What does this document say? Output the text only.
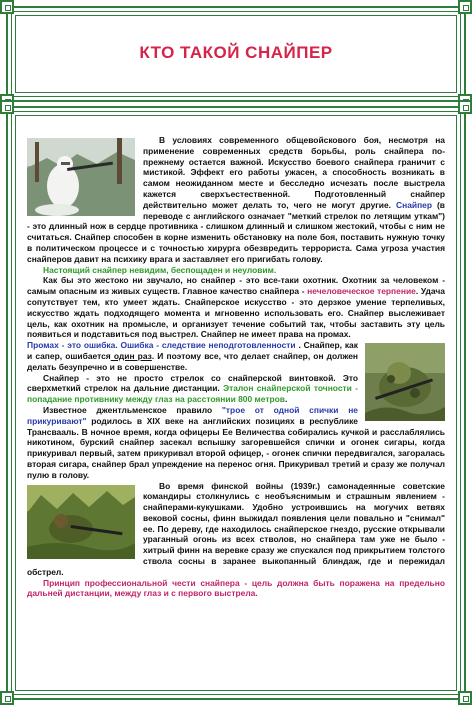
КТО ТАКОЙ СНАЙПЕР

В условиях современного общевойскового боя, несмотря на применение современных средств борьбы, роль снайпера по-прежнему остается важной. Искусство боевого снайпера граничит с мистикой. Эффект его работы ужасен, а способность возникать в самом неожиданном месте и бесследно исчезать после выстрела кажется сверхъестественной. Подготовленный снайпер действительно может делать то, чего не могут другие. Снайпер (в переводе с английского означает "меткий стрелок по летящим уткам") - это длинный нож в сердце противника - слишком длинный и слишком жестокий, чтобы с ним не считаться. Снайпер способен в корне изменить обстановку на поле боя, поставить нужную точку в политическом процессе и с точностью хирурга обезвредить террориста. Сама угроза участия снайперов давит на психику врага и заставляет его пригибать голову.

Настоящий снайпер невидим, беспощаден и неуловим.

Как бы это жестоко ни звучало, но снайпер - это все-таки охотник. Охотник за человеком - самым опасным из живых существ. Главное качество снайпера - нечеловеческое терпение. Удача сопутствует тем, кто умеет ждать. Снайперское искусство - это дерзкое умение терпеливых, искусство ждать подходящего момента и мгновенно использовать его. Снайпер выслеживает цель, как охотник на промысле, и организует течение событий так, чтобы заставить эту цель появиться и подставиться под выстрел. Снайпер не имеет права на промах.

Промах - это ошибка. Ошибка - следствие неподготовленности . Снайпер, как и сапер, ошибается один раз. И поэтому все, что делает снайпер, он должен делать безупречно и в совершенстве.

Снайпер - это не просто стрелок со снайперской винтовкой. Это сверхметкий стрелок на дальние дистанции. Эталон снайперской точности - попадание противнику между глаз на расстоянии 800 метров.

Известное джентльменское правило "трое от одной спички не прикуривают" родилось в XIX веке на английских позициях в республике Трансвааль. В ночное время, когда офицеры Ее Величества собирались кучкой и расслаблялись никотином, бурский снайпер засекал вспышку загоревшейся спички и огонек сигары, когда прикуривал первый, затем прикуривал второй офицер, - огонек спички передвигался, загоралась вторая сигара, снайпер брал упреждение на перенос огня. Прикуривал третий и сразу же получал пулю в голову.

Во время финской войны (1939г.) самонадеянные советские командиры столкнулись с необъяснимым и страшным явлением - снайперами-кукушками. Удобно устроившись на могучих ветвях вековой сосны, финн выжидал появления цели повально и "снимал" ее. По дереву, где находилось снайперское гнездо, русские открывали ураганный огонь из всех стволов, но снайпера там уже не было - хитрый финн на веревке сразу же спускался под прикрытием толстого ствола сосны в заранее выкопанный блиндаж, где и пережидал обстрел.

Принцип профессиональной чести снайпера - цель должна быть поражена на предельно дальней дистанции, между глаз и с первого выстрела.
